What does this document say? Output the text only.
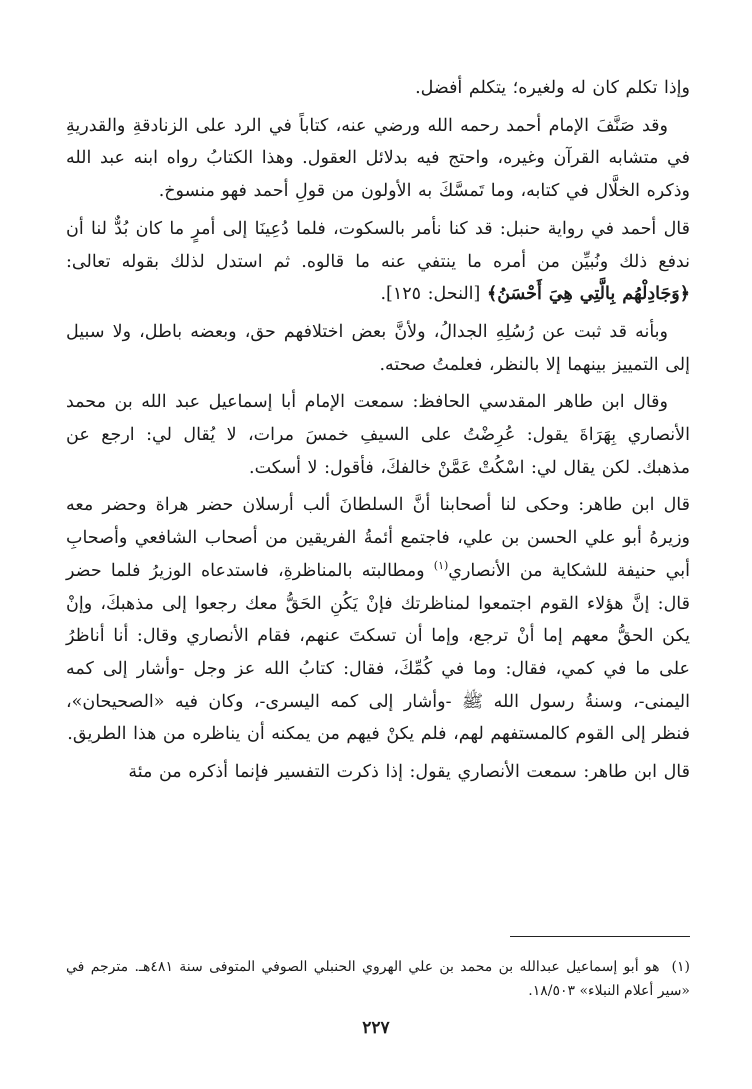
وإذا تكلم كان له ولغيره؛ يتكلم أفضل.

وقد صَنَّفَ الإمام أحمد رحمه الله ورضي عنه، كتاباً في الرد على الزنادقةِ والقدريةِ في متشابه القرآن وغيره، واحتج فيه بدلائل العقول. وهذا الكتابُ رواه ابنه عبد الله وذكره الخلَّال في كتابه، وما تَمسَّكَ به الأولون من قولِ أحمد فهو منسوخ.

قال أحمد في رواية حنبل: قد كنا نأمر بالسكوت، فلما دُعِينَا إلى أمرٍ ما كان بُدٌّ لنا أن ندفع ذلك ونُبيِّن من أمره ما ينتفي عنه ما قالوه. ثم استدل لذلك بقوله تعالى: ﴿وَجَادِلْهُم بِالَّتِي هِيَ أَحْسَنُ﴾ [النحل: ١٢٥].

وبأنه قد ثبت عن رُسُلِهِ الجدالُ، ولأنَّ بعض اختلافهم حق، وبعضه باطل، ولا سبيل إلى التمييز بينهما إلا بالنظر، فعلمتُ صحته.

وقال ابن طاهر المقدسي الحافظ: سمعت الإمام أبا إسماعيل عبد الله بن محمد الأنصاري بِهَرَاةَ يقول: عُرِضْتُ على السيفِ خمسَ مرات، لا يُقال لي: ارجع عن مذهبك. لكن يقال لي: اسْكُتْ عَمَّنْ خالفكَ، فأقول: لا أسكت.

قال ابن طاهر: وحكى لنا أصحابنا أنَّ السلطانَ ألب أرسلان حضر هراة وحضر معه وزيرهُ أبو علي الحسن بن علي، فاجتمع أئمةُ الفريقين من أصحاب الشافعي وأصحابِ أبي حنيفة للشكاية من الأنصاري$^{(١)}$ ومطالبته بالمناظرةِ، فاستدعاه الوزيرُ فلما حضر قال: إنَّ هؤلاء القوم اجتمعوا لمناظرتك فإنْ يَكُنِ الحَقُّ معك رجعوا إلى مذهبكَ، وإنْ يكن الحقُّ معهم إما أنْ ترجع، وإما أن تسكتَ عنهم، فقام الأنصاري وقال: أنا أناظرُ على ما في كمي، فقال: وما في كُمِّكَ، فقال: كتابُ الله عز وجل -وأشار إلى كمه اليمنى-، وسنةُ رسول الله ﷺ -وأشار إلى كمه اليسرى-، وكان فيه «الصحيحان»، فنظر إلى القوم كالمستفهم لهم، فلم يكنْ فيهم من يمكنه أن يناظره من هذا الطريق.

قال ابن طاهر: سمعت الأنصاري يقول: إذا ذكرت التفسير فإنما أذكره من مئة

(١)هو أبو إسماعيل عبدالله بن محمد بن علي الهروي الحنبلي الصوفي المتوفى سنة ٤٨١هـ. مترجم في «سير أعلام النبلاء» ١٨/٥٠٣.

٢٢٧
